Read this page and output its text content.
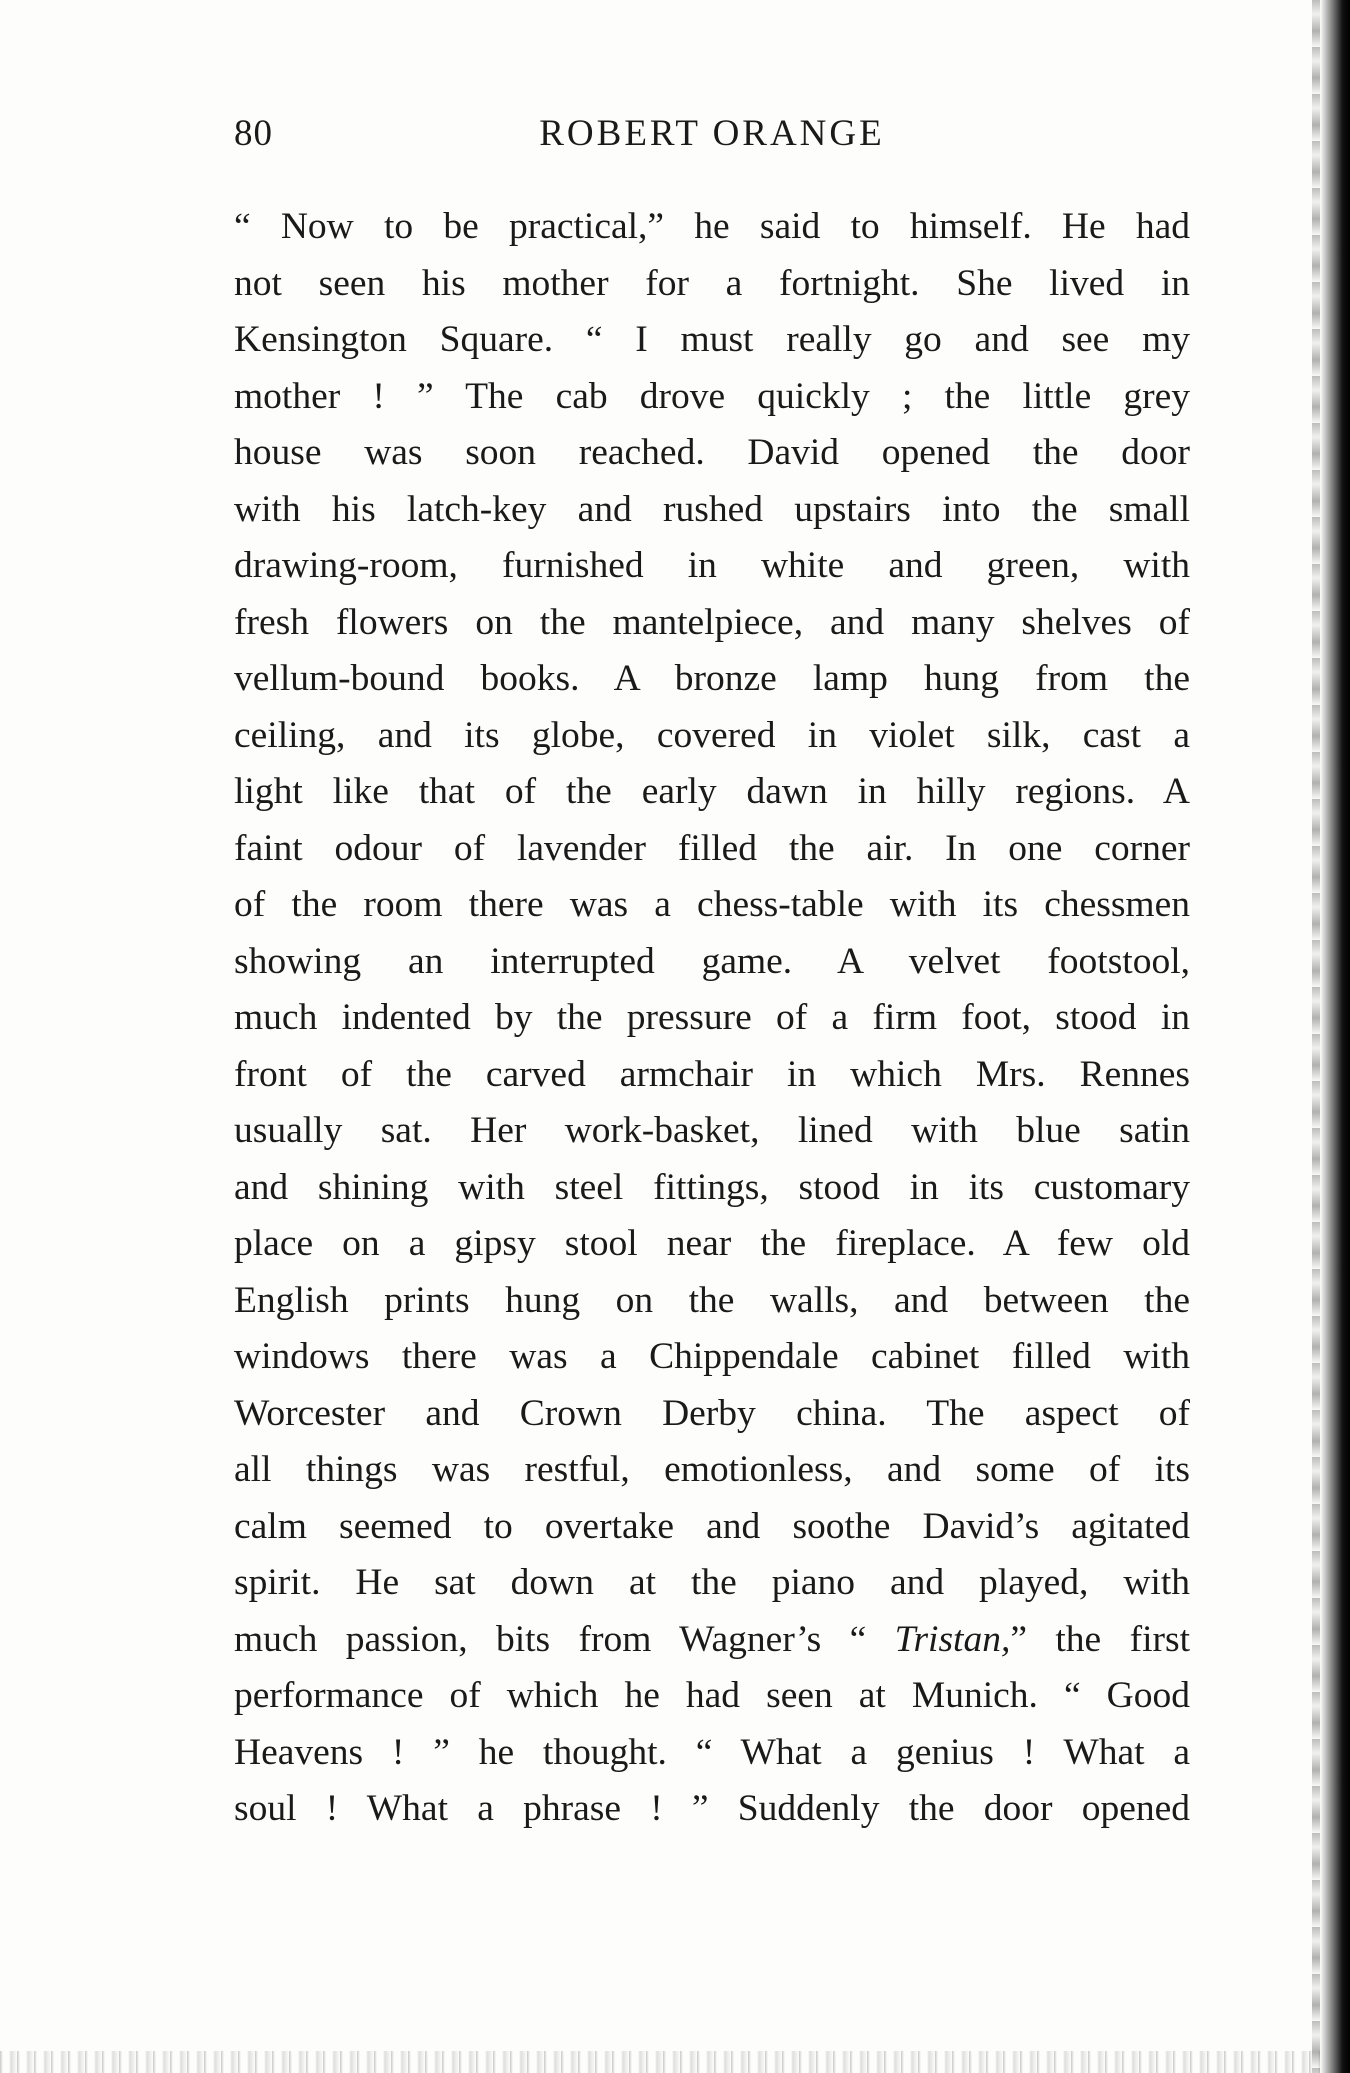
80	ROBERT ORANGE
“ Now to be practical,” he said to himself. He had
not seen his mother for a fortnight. She lived in
Kensington Square. “ I must really go and see my
mother ! ” The cab drove quickly ; the little grey
house was soon reached. David opened the door
with his latch-key and rushed upstairs into the small
drawing-room, furnished in white and green, with
fresh flowers on the mantelpiece, and many shelves of
vellum-bound books. A bronze lamp hung from the
ceiling, and its globe, covered in violet silk, cast a
light like that of the early dawn in hilly regions. A
faint odour of lavender filled the air. In one corner
of the room there was a chess-table with its chessmen
showing an interrupted game. A velvet footstool,
much indented by the pressure of a firm foot, stood in
front of the carved armchair in which Mrs. Rennes
usually sat. Her work-basket, lined with blue satin
and shining with steel fittings, stood in its customary
place on a gipsy stool near the fireplace. A few old
English prints hung on the walls, and between the
windows there was a Chippendale cabinet filled with
Worcester and Crown Derby china. The aspect of
all things was restful, emotionless, and some of its
calm seemed to overtake and soothe David’s agitated
spirit. He sat down at the piano and played, with
much passion, bits from Wagner’s “ Tristan,” the first
performance of which he had seen at Munich. “ Good
Heavens ! ” he thought. “ What a genius ! What a
soul ! What a phrase ! ” Suddenly the door opened
